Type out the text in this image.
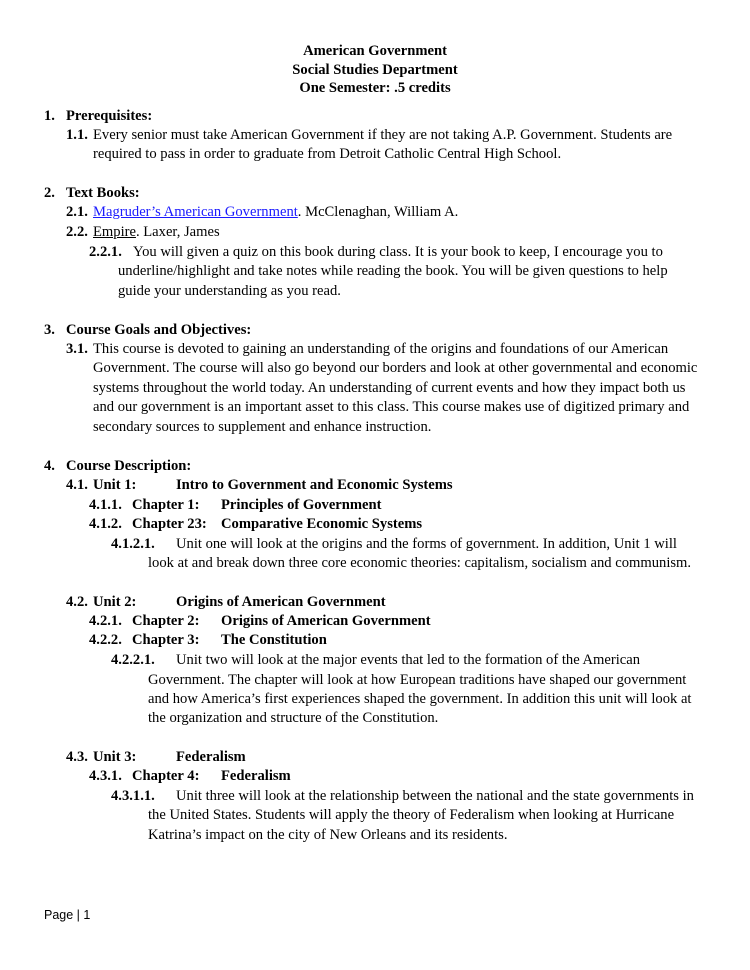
American Government
Social Studies Department
One Semester: .5 credits
1. Prerequisites:
1.1. Every senior must take American Government if they are not taking A.P. Government. Students are
required to pass in order to graduate from Detroit Catholic Central High School.
2. Text Books:
2.1. Magruder’s American Government. McClenaghan, William A.
2.2. Empire. Laxer, James
2.2.1. You will given a quiz on this book during class. It is your book to keep, I encourage you to
underline/highlight and take notes while reading the book. You will be given questions to help
guide your understanding as you read.
3. Course Goals and Objectives:
3.1. This course is devoted to gaining an understanding of the origins and foundations of our American
Government. The course will also go beyond our borders and look at other governmental and economic
systems throughout the world today. An understanding of current events and how they impact both us
and our government is an important asset to this class. This course makes use of digitized primary and
secondary sources to supplement and enhance instruction.
4. Course Description:
4.1. Unit 1:	Intro to Government and Economic Systems
4.1.1. Chapter 1: Principles of Government
4.1.2. Chapter 23: Comparative Economic Systems
4.1.2.1. Unit one will look at the origins and the forms of government. In addition, Unit 1 will
look at and break down three core economic theories: capitalism, socialism and communism.
4.2. Unit 2:	Origins of American Government
4.2.1. Chapter 2: Origins of American Government
4.2.2. Chapter 3: The Constitution
4.2.2.1. Unit two will look at the major events that led to the formation of the American
Government. The chapter will look at how European traditions have shaped our government
and how America’s first experiences shaped the government. In addition this unit will look at
the organization and structure of the Constitution.
4.3. Unit 3:	Federalism
4.3.1. Chapter 4: Federalism
4.3.1.1. Unit three will look at the relationship between the national and the state governments in
the United States. Students will apply the theory of Federalism when looking at Hurricane
Katrina’s impact on the city of New Orleans and its residents.
Page | 1
